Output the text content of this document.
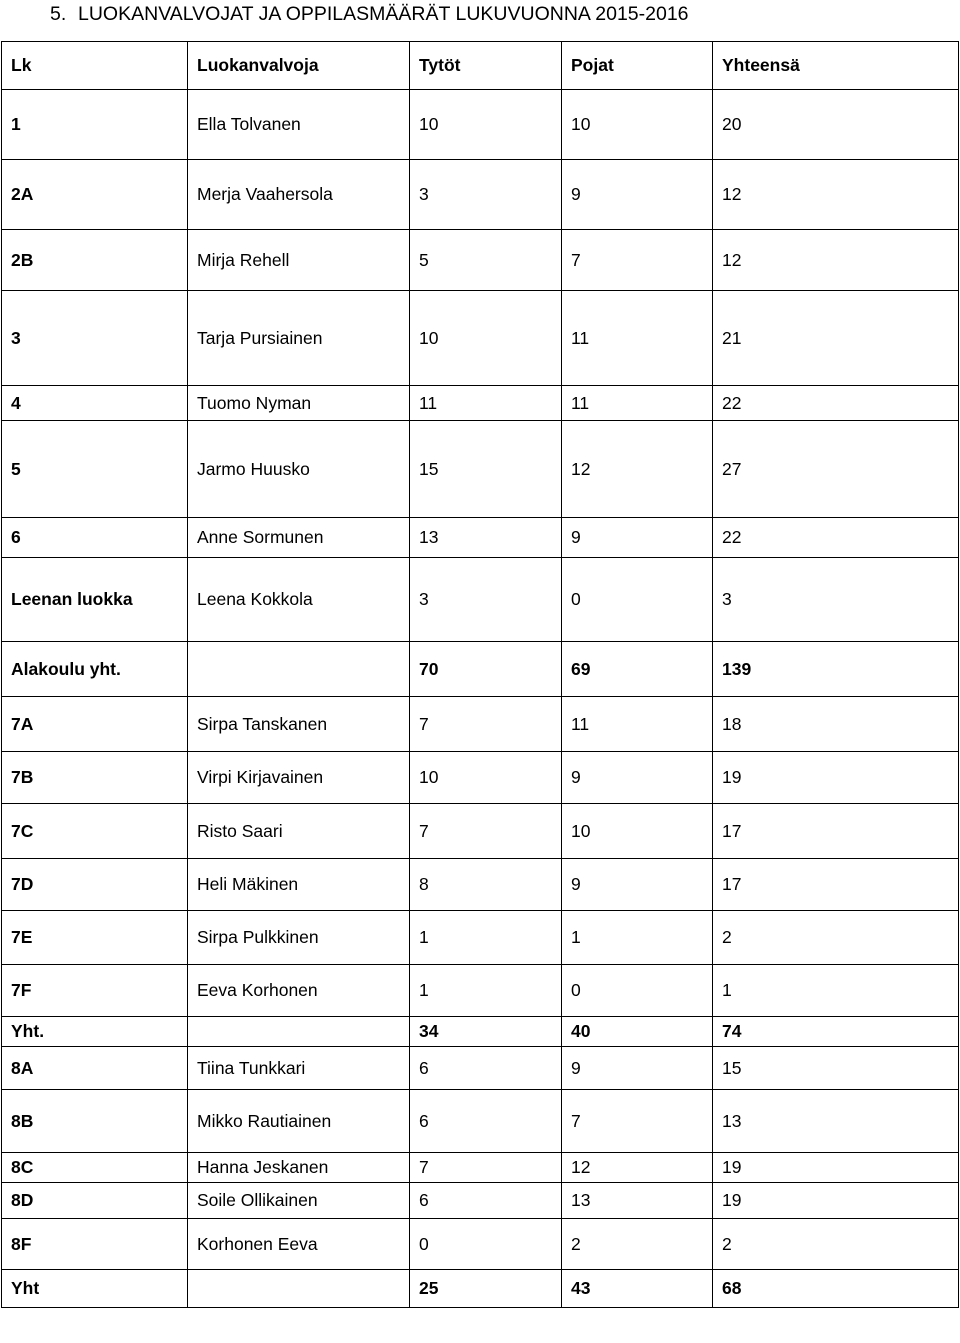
5. LUOKANVALVOJAT JA OPPILASMÄÄRÄT LUKUVUONNA 2015-2016
Lk	Luokanvalvoja	Tytöt	Pojat	Yhteensä
1	Ella Tolvanen	10	10	20
2A	Merja Vaahersola	3	9	12
2B	Mirja Rehell	5	7	12
3	Tarja Pursiainen	10	11	21
4	Tuomo Nyman	11	11	22
5	Jarmo Huusko	15	12	27
6	Anne Sormunen	13	9	22
Leenan luokka	Leena Kokkola	3	0	3
Alakoulu yht.		70	69	139
7A	Sirpa Tanskanen	7	11	18
7B	Virpi Kirjavainen	10	9	19
7C	Risto Saari	7	10	17
7D	Heli Mäkinen	8	9	17
7E	Sirpa Pulkkinen	1	1	2
7F	Eeva Korhonen	1	0	1
Yht.		34	40	74
8A	Tiina Tunkkari	6	9	15
8B	Mikko Rautiainen	6	7	13
8C	Hanna Jeskanen	7	12	19
8D	Soile Ollikainen	6	13	19
8F	Korhonen Eeva	0	2	2
Yht		25	43	68
